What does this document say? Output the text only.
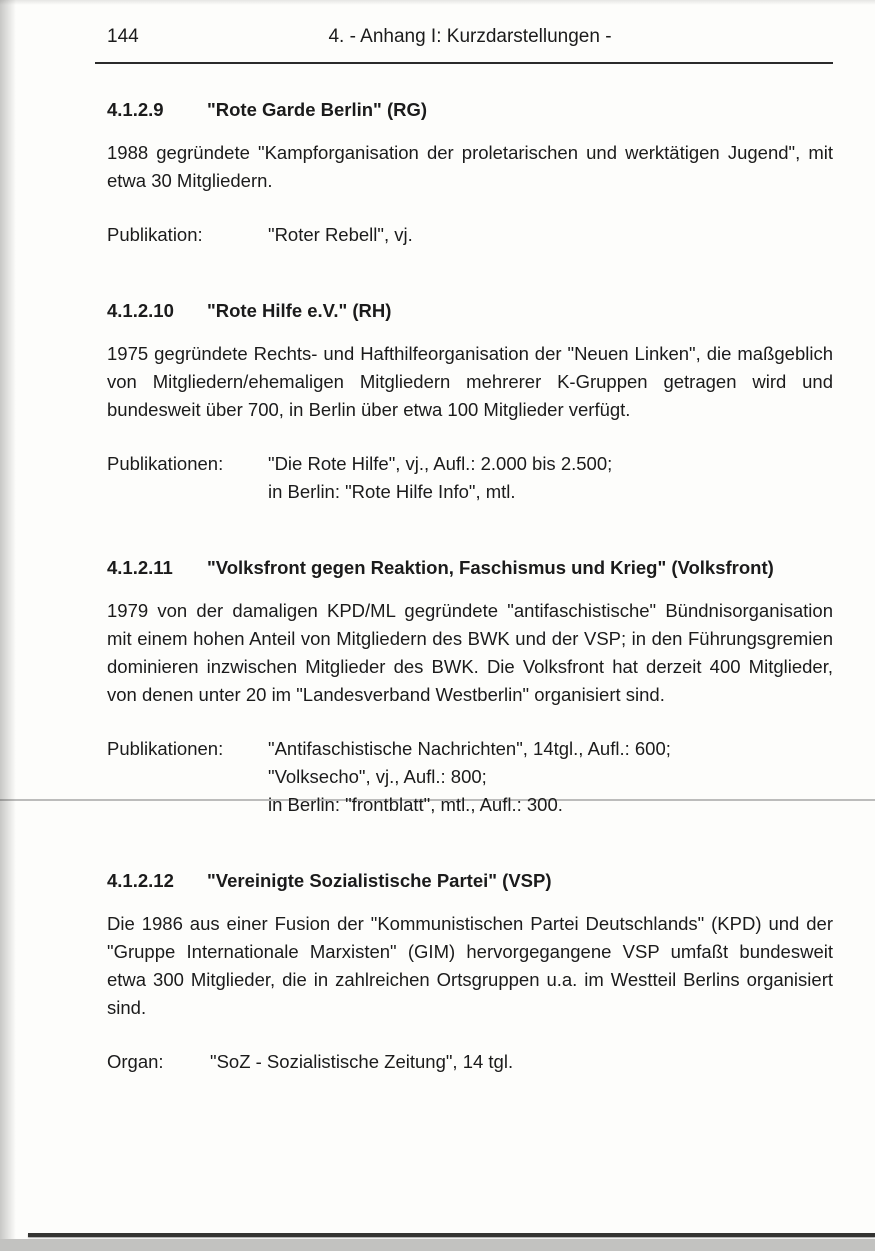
144	4. - Anhang I: Kurzdarstellungen -
4.1.2.9	"Rote Garde Berlin" (RG)

1988 gegründete "Kampforganisation der proletarischen und werktätigen Jugend", mit etwa 30 Mitgliedern.

Publikation:	"Roter Rebell", vj.
4.1.2.10	"Rote Hilfe e.V." (RH)

1975 gegründete Rechts- und Hafthilfeorganisation der "Neuen Linken", die maßgeblich von Mitgliedern/ehemaligen Mitgliedern mehrerer K-Gruppen getragen wird und bundesweit über 700, in Berlin über etwa 100 Mitglieder verfügt.

Publikationen:	"Die Rote Hilfe", vj., Aufl.: 2.000 bis 2.500;
in Berlin: "Rote Hilfe Info", mtl.
4.1.2.11	"Volksfront gegen Reaktion, Faschismus und Krieg" (Volksfront)

1979 von der damaligen KPD/ML gegründete "antifaschistische" Bündnisorganisation mit einem hohen Anteil von Mitgliedern des BWK und der VSP; in den Führungsgremien dominieren inzwischen Mitglieder des BWK. Die Volksfront hat derzeit 400 Mitglieder, von denen unter 20 im "Landesverband Westberlin" organisiert sind.

Publikationen:	"Antifaschistische Nachrichten", 14tgl., Aufl.: 600;
"Volksecho", vj., Aufl.: 800;
in Berlin: "frontblatt", mtl., Aufl.: 300.
4.1.2.12	"Vereinigte Sozialistische Partei" (VSP)

Die 1986 aus einer Fusion der "Kommunistischen Partei Deutschlands" (KPD) und der "Gruppe Internationale Marxisten" (GIM) hervorgegangene VSP umfaßt bundesweit etwa 300 Mitglieder, die in zahlreichen Ortsgruppen u.a. im Westteil Berlins organisiert sind.

Organ:	"SoZ - Sozialistische Zeitung", 14 tgl.
